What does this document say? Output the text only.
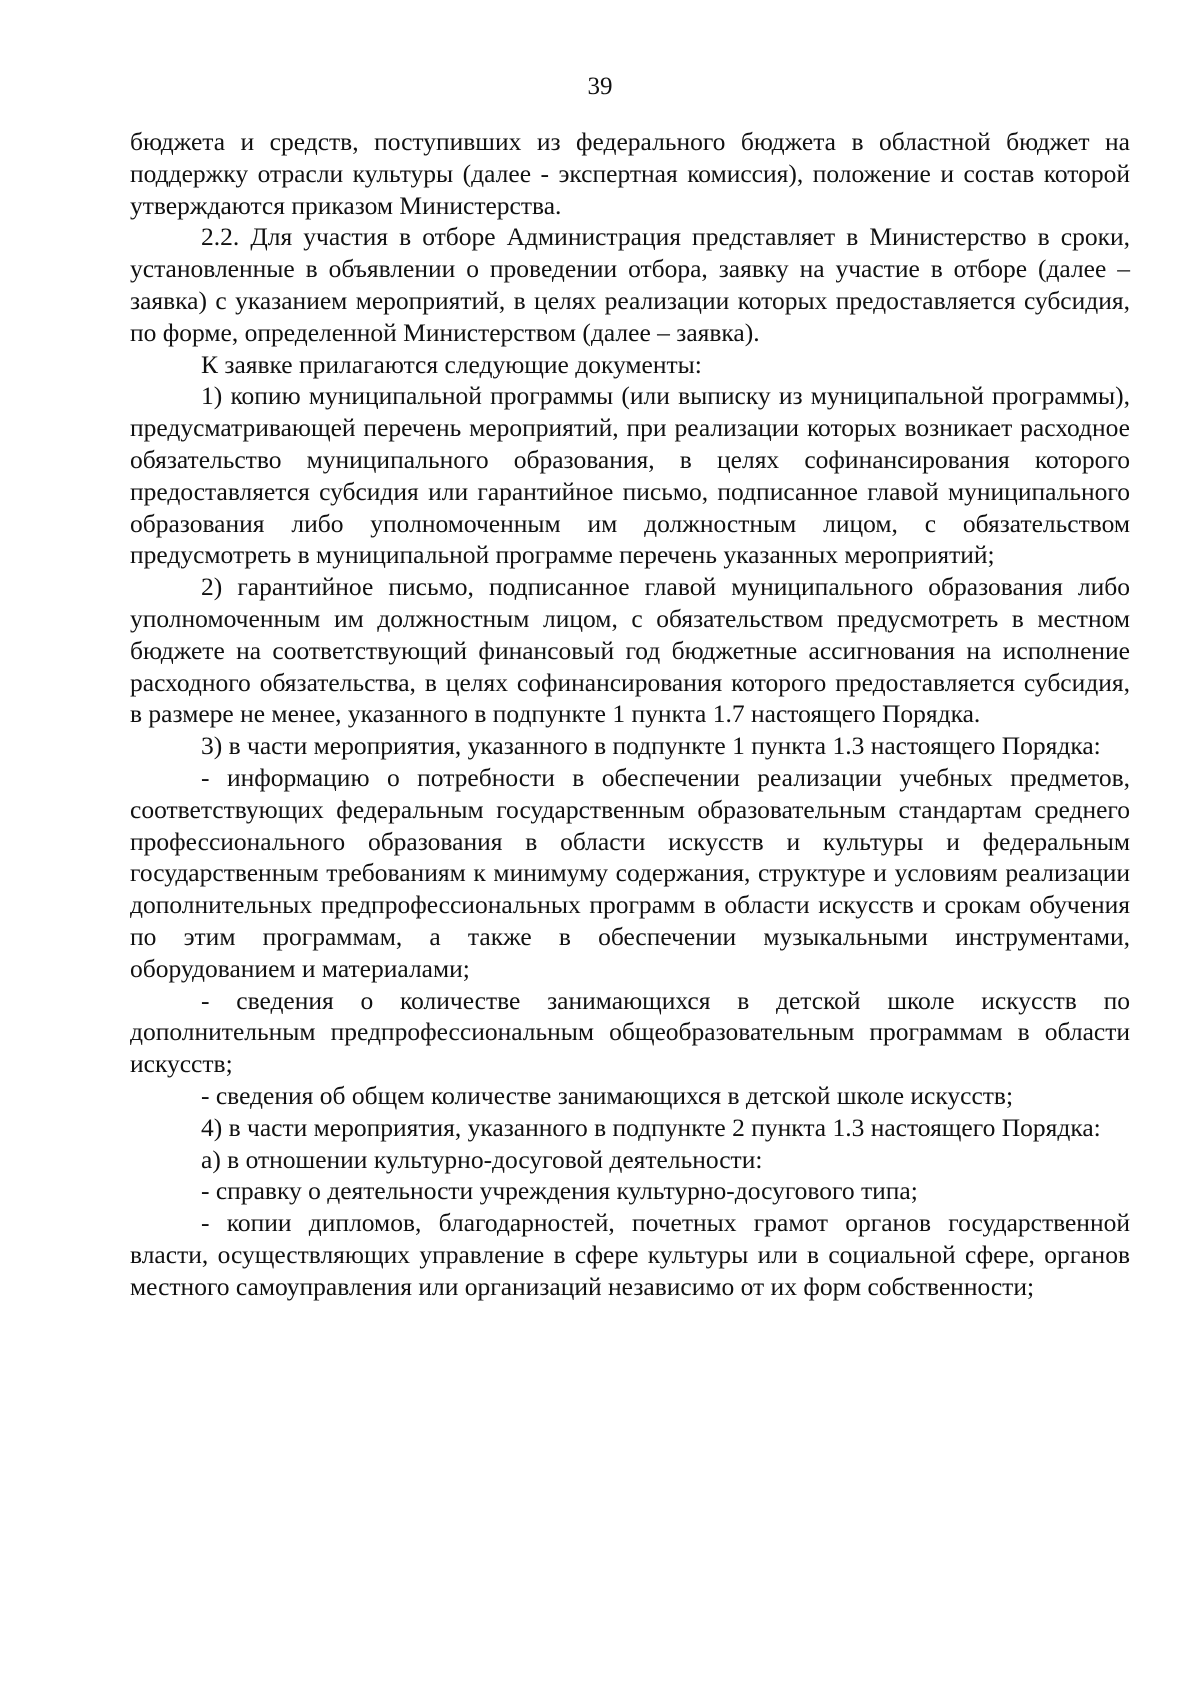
39

бюджета и средств, поступивших из федерального бюджета в областной бюджет на поддержку отрасли культуры (далее - экспертная комиссия), положение и состав которой утверждаются приказом Министерства.

2.2. Для участия в отборе Администрация представляет в Министерство в сроки, установленные в объявлении о проведении отбора, заявку на участие в отборе (далее – заявка) с указанием мероприятий, в целях реализации которых предоставляется субсидия, по форме, определенной Министерством (далее – заявка).

К заявке прилагаются следующие документы:

1) копию муниципальной программы (или выписку из муниципальной программы), предусматривающей перечень мероприятий, при реализации которых возникает расходное обязательство муниципального образования, в целях софинансирования которого предоставляется субсидия или гарантийное письмо, подписанное главой муниципального образования либо уполномоченным им должностным лицом, с обязательством предусмотреть в муниципальной программе перечень указанных мероприятий;

2) гарантийное письмо, подписанное главой муниципального образования либо уполномоченным им должностным лицом, с обязательством предусмотреть в местном бюджете на соответствующий финансовый год бюджетные ассигнования на исполнение расходного обязательства, в целях софинансирования которого предоставляется субсидия, в размере не менее, указанного в подпункте 1 пункта 1.7 настоящего Порядка.

3) в части мероприятия, указанного в подпункте 1 пункта 1.3 настоящего Порядка:

- информацию о потребности в обеспечении реализации учебных предметов, соответствующих федеральным государственным образовательным стандартам среднего профессионального образования в области искусств и культуры и федеральным государственным требованиям к минимуму содержания, структуре и условиям реализации дополнительных предпрофессиональных программ в области искусств и срокам обучения по этим программам, а также в обеспечении музыкальными инструментами, оборудованием и материалами;

- сведения о количестве занимающихся в детской школе искусств по дополнительным предпрофессиональным общеобразовательным программам в области искусств;

- сведения об общем количестве занимающихся в детской школе искусств;

4) в части мероприятия, указанного в подпункте 2 пункта 1.3 настоящего Порядка:

а) в отношении культурно-досуговой деятельности:

- справку о деятельности учреждения культурно-досугового типа;

- копии дипломов, благодарностей, почетных грамот органов государственной власти, осуществляющих управление в сфере культуры или в социальной сфере, органов местного самоуправления или организаций независимо от их форм собственности;
